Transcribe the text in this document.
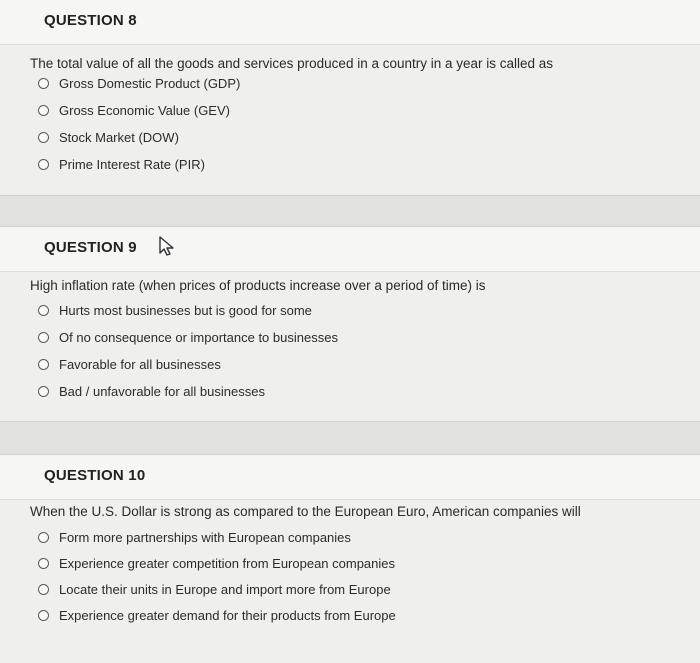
QUESTION 8
The total value of all the goods and services produced in a country in a year is called as
Gross Domestic Product (GDP)
Gross Economic Value (GEV)
Stock Market (DOW)
Prime Interest Rate (PIR)
QUESTION 9
High inflation rate (when prices of products increase over a period of time) is
Hurts most businesses but is good for some
Of no consequence or importance to businesses
Favorable for all businesses
Bad / unfavorable for all businesses
QUESTION 10
When the U.S. Dollar is strong as compared to the European Euro, American companies will
Form more partnerships with European companies
Experience greater competition from European companies
Locate their units in Europe and import more from Europe
Experience greater demand for their products from Europe
